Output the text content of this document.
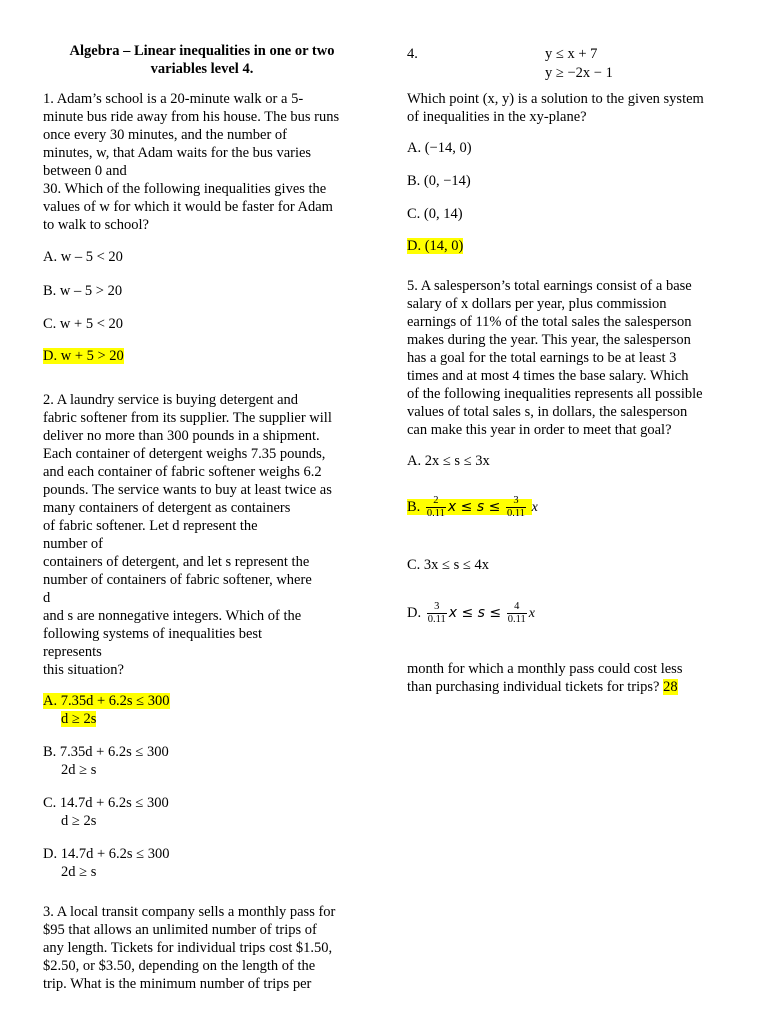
Algebra – Linear inequalities in one or two
variables level 4.
1. Adam’s school is a 20-minute walk or a 5-
minute bus ride away from his house. The bus runs
once every 30 minutes, and the number of
minutes, w, that Adam waits for the bus varies
between 0 and
30. Which of the following inequalities gives the
values of w for which it would be faster for Adam
to walk to school?
A. w – 5 < 20
B. w – 5 > 20
C. w + 5 < 20
D. w + 5 > 20
2. A laundry service is buying detergent and
fabric softener from its supplier. The supplier will
deliver no more than 300 pounds in a shipment.
Each container of detergent weighs 7.35 pounds,
and each container of fabric softener weighs 6.2
pounds. The service wants to buy at least twice as
many containers of detergent as containers
of fabric softener. Let d represent the
number of
containers of detergent, and let s represent the
number of containers of fabric softener, where
d
and s are nonnegative integers. Which of the
following systems of inequalities best
represents
this situation?
A. 7.35d + 6.2s ≤ 300
d ≥ 2s
B. 7.35d + 6.2s ≤ 300
2d ≥ s
C. 14.7d + 6.2s ≤ 300
d ≥ 2s
D. 14.7d + 6.2s ≤ 300
2d ≥ s
3. A local transit company sells a monthly pass for
$95 that allows an unlimited number of trips of
any length. Tickets for individual trips cost $1.50,
$2.50, or $3.50, depending on the length of the
trip. What is the minimum number of trips per
4.	y ≤ x + 7
y ≥ −2x − 1
Which point (x, y) is a solution to the given system
of inequalities in the xy-plane?
A. (−14, 0)
B. (0, −14)
C. (0, 14)
D. (14, 0)
5. A salesperson’s total earnings consist of a base
salary of x dollars per year, plus commission
earnings of 11% of the total sales the salesperson
makes during the year. This year, the salesperson
has a goal for the total earnings to be at least 3
times and at most 4 times the base salary. Which
of the following inequalities represents all possible
values of total sales s, in dollars, the salesperson
can make this year in order to meet that goal?
A. 2x ≤ s ≤ 3x
B. $\frac{2}{0.11}$ $x \le s \le \frac{3}{0.11}$ x
C. 3x ≤ s ≤ 4x
D. $\frac{3}{0.11}$ $x \le s \le \frac{4}{0.11}$ x
month for which a monthly pass could cost less
than purchasing individual tickets for trips? 28
